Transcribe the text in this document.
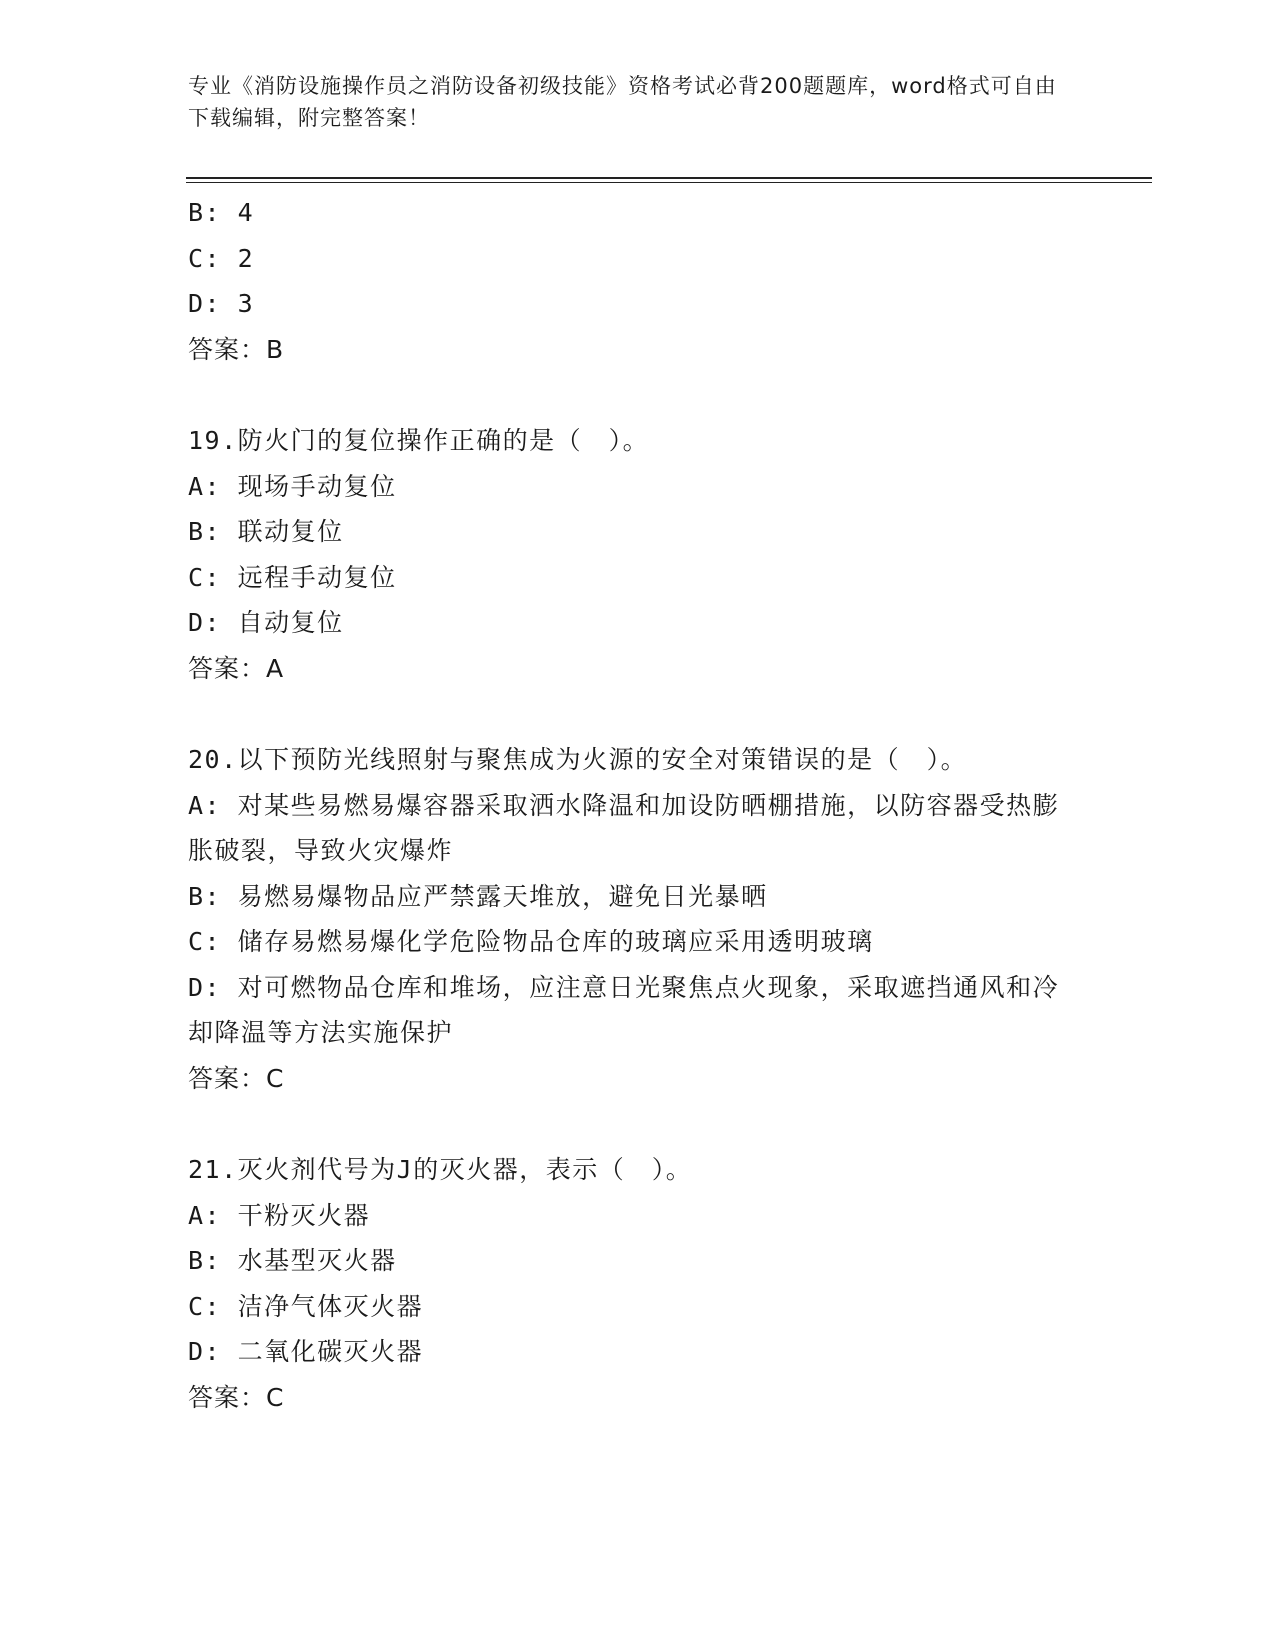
专业《消防设施操作员之消防设备初级技能》资格考试必背200题题库，word格式可自由下载编辑，附完整答案！
B: 4
C: 2
D: 3
答案：B
19.防火门的复位操作正确的是（　）。
A: 现场手动复位
B: 联动复位
C: 远程手动复位
D: 自动复位
答案：A
20.以下预防光线照射与聚焦成为火源的安全对策错误的是（　）。
A: 对某些易燃易爆容器采取洒水降温和加设防晒棚措施，以防容器受热膨胀破裂，导致火灾爆炸
B: 易燃易爆物品应严禁露天堆放，避免日光暴晒
C: 储存易燃易爆化学危险物品仓库的玻璃应采用透明玻璃
D: 对可燃物品仓库和堆场，应注意日光聚焦点火现象，采取遮挡通风和冷却降温等方法实施保护
答案：C
21.灭火剂代号为J的灭火器，表示（　）。
A: 干粉灭火器
B: 水基型灭火器
C: 洁净气体灭火器
D: 二氧化碳灭火器
答案：C
